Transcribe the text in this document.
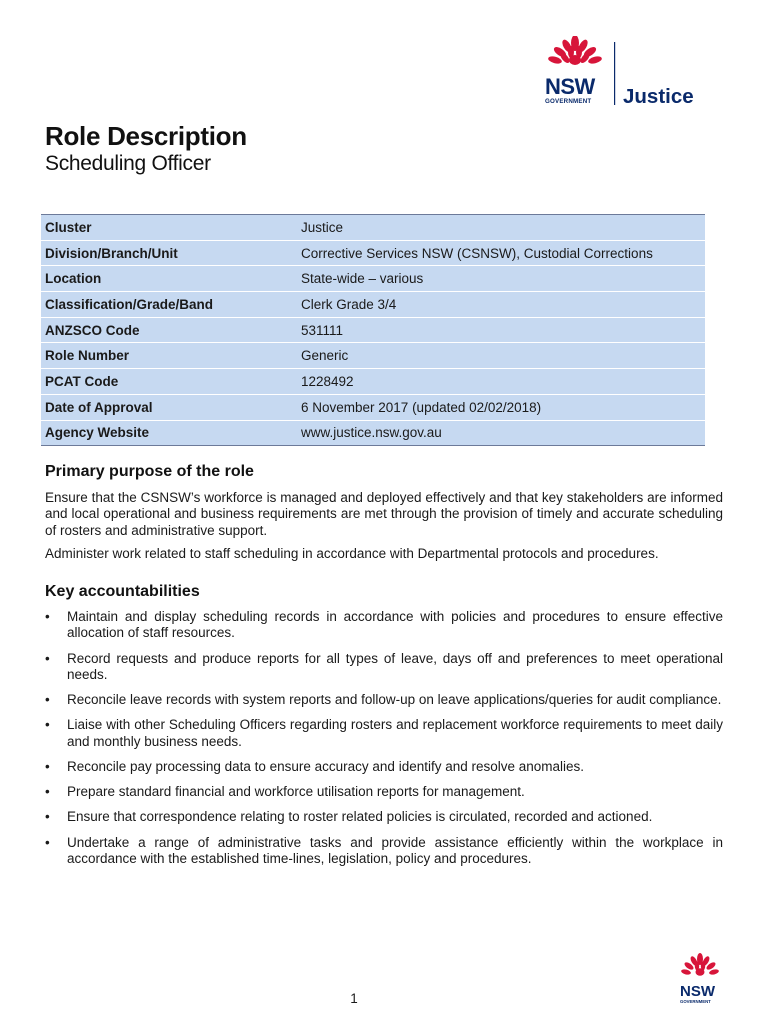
NSW
GOVERNMENT Justice
Role Description
Scheduling Officer
Cluster	Justice
Division/Branch/Unit	Corrective Services NSW (CSNSW), Custodial Corrections
Location	State-wide – various
Classification/Grade/Band	Clerk Grade 3/4
ANZSCO Code	531111
Role Number	Generic
PCAT Code	1228492
Date of Approval	6 November 2017 (updated 02/02/2018)
Agency Website	www.justice.nsw.gov.au
Primary purpose of the role

Ensure that the CSNSW’s workforce is managed and deployed effectively and that key stakeholders are informed and local operational and business requirements are met through the provision of timely and accurate scheduling of rosters and administrative support.

Administer work related to staff scheduling in accordance with Departmental protocols and procedures.

Key accountabilities
•	Maintain and display scheduling records in accordance with policies and procedures to ensure effective allocation of staff resources.
•	Record requests and produce reports for all types of leave, days off and preferences to meet operational needs.
•	Reconcile leave records with system reports and follow-up on leave applications/queries for audit compliance.
•	Liaise with other Scheduling Officers regarding rosters and replacement workforce requirements to meet daily and monthly business needs.
•	Reconcile pay processing data to ensure accuracy and identify and resolve anomalies.
•	Prepare standard financial and workforce utilisation reports for management.
•	Ensure that correspondence relating to roster related policies is circulated, recorded and actioned.
•	Undertake a range of administrative tasks and provide assistance efficiently within the workplace in accordance with the established time-lines, legislation, policy and procedures.
1	NSW
GOVERNMENT
